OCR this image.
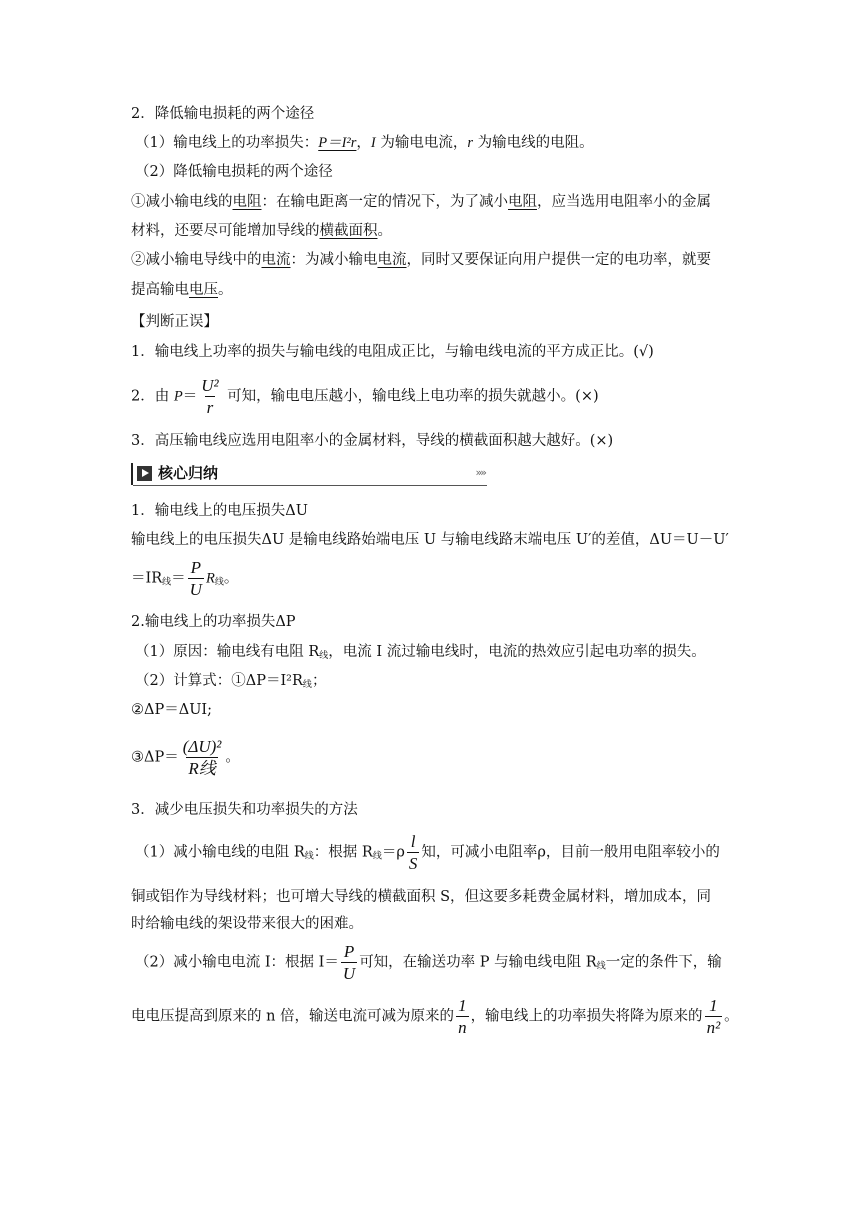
2．降低输电损耗的两个途径
（1）输电线上的功率损失：P＝I²r，I 为输电电流，r 为输电线的电阻。
（2）降低输电损耗的两个途径
①减小输电线的电阻：在输电距离一定的情况下，为了减小电阻，应当选用电阻率小的金属
材料，还要尽可能增加导线的横截面积。
②减小输电导线中的电流：为减小输电电流，同时又要保证向用户提供一定的电功率，就要
提高输电电压。
【判断正误】
1．输电线上功率的损失与输电线的电阻成正比，与输电线电流的平方成正比。(√)
2．由 $P= \frac{\text{U²}}{r}$ 可知，输电电压越小，输电线上电功率的损失就越小。(×)
3．高压输电线应选用电阻率小的金属材料，导线的横截面积越大越好。(×)
核心归纳	»»
1．输电线上的电压损失ΔU
输电线上的电压损失ΔU 是输电线路始端电压 U 与输电线路末端电压 U′的差值，ΔU＝U－U′
$=IR_线= \frac{P}{U} R_线$。
2.输电线上的功率损失ΔP
（1）原因：输电线有电阻 $R_线$，电流 I 流过输电线时，电流的热效应引起电功率的损失。
（2）计算式：$①\Delta P=I^2R_线$；
②ΔP＝ΔUI;
③ΔP＝ $\frac{\text{(ΔU)²}}{\text{R线}}$ 。
3．减少电压损失和功率损失的方法
（1）减小输电线的电阻 $R_线$：根据 $R_线=\rho \frac{l}{S}$ 知，可减小电阻率ρ，目前一般用电阻率较小的
铜或铝作为导线材料；也可增大导线的横截面积 S，但这要多耗费金属材料，增加成本，同
时给输电线的架设带来很大的困难。
（2）减小输电电流 I：根据 $I= \frac{P}{U}$ 可知，在输送功率 P 与输电线电阻 $R_线$一定的条件下，输
电电压提高到原来的 n 倍，输送电流可减为原来的 $\frac{1}{n}$ ，输电线上的功率损失将降为原来的 $\frac{1}{\text{n²}}$ 。
